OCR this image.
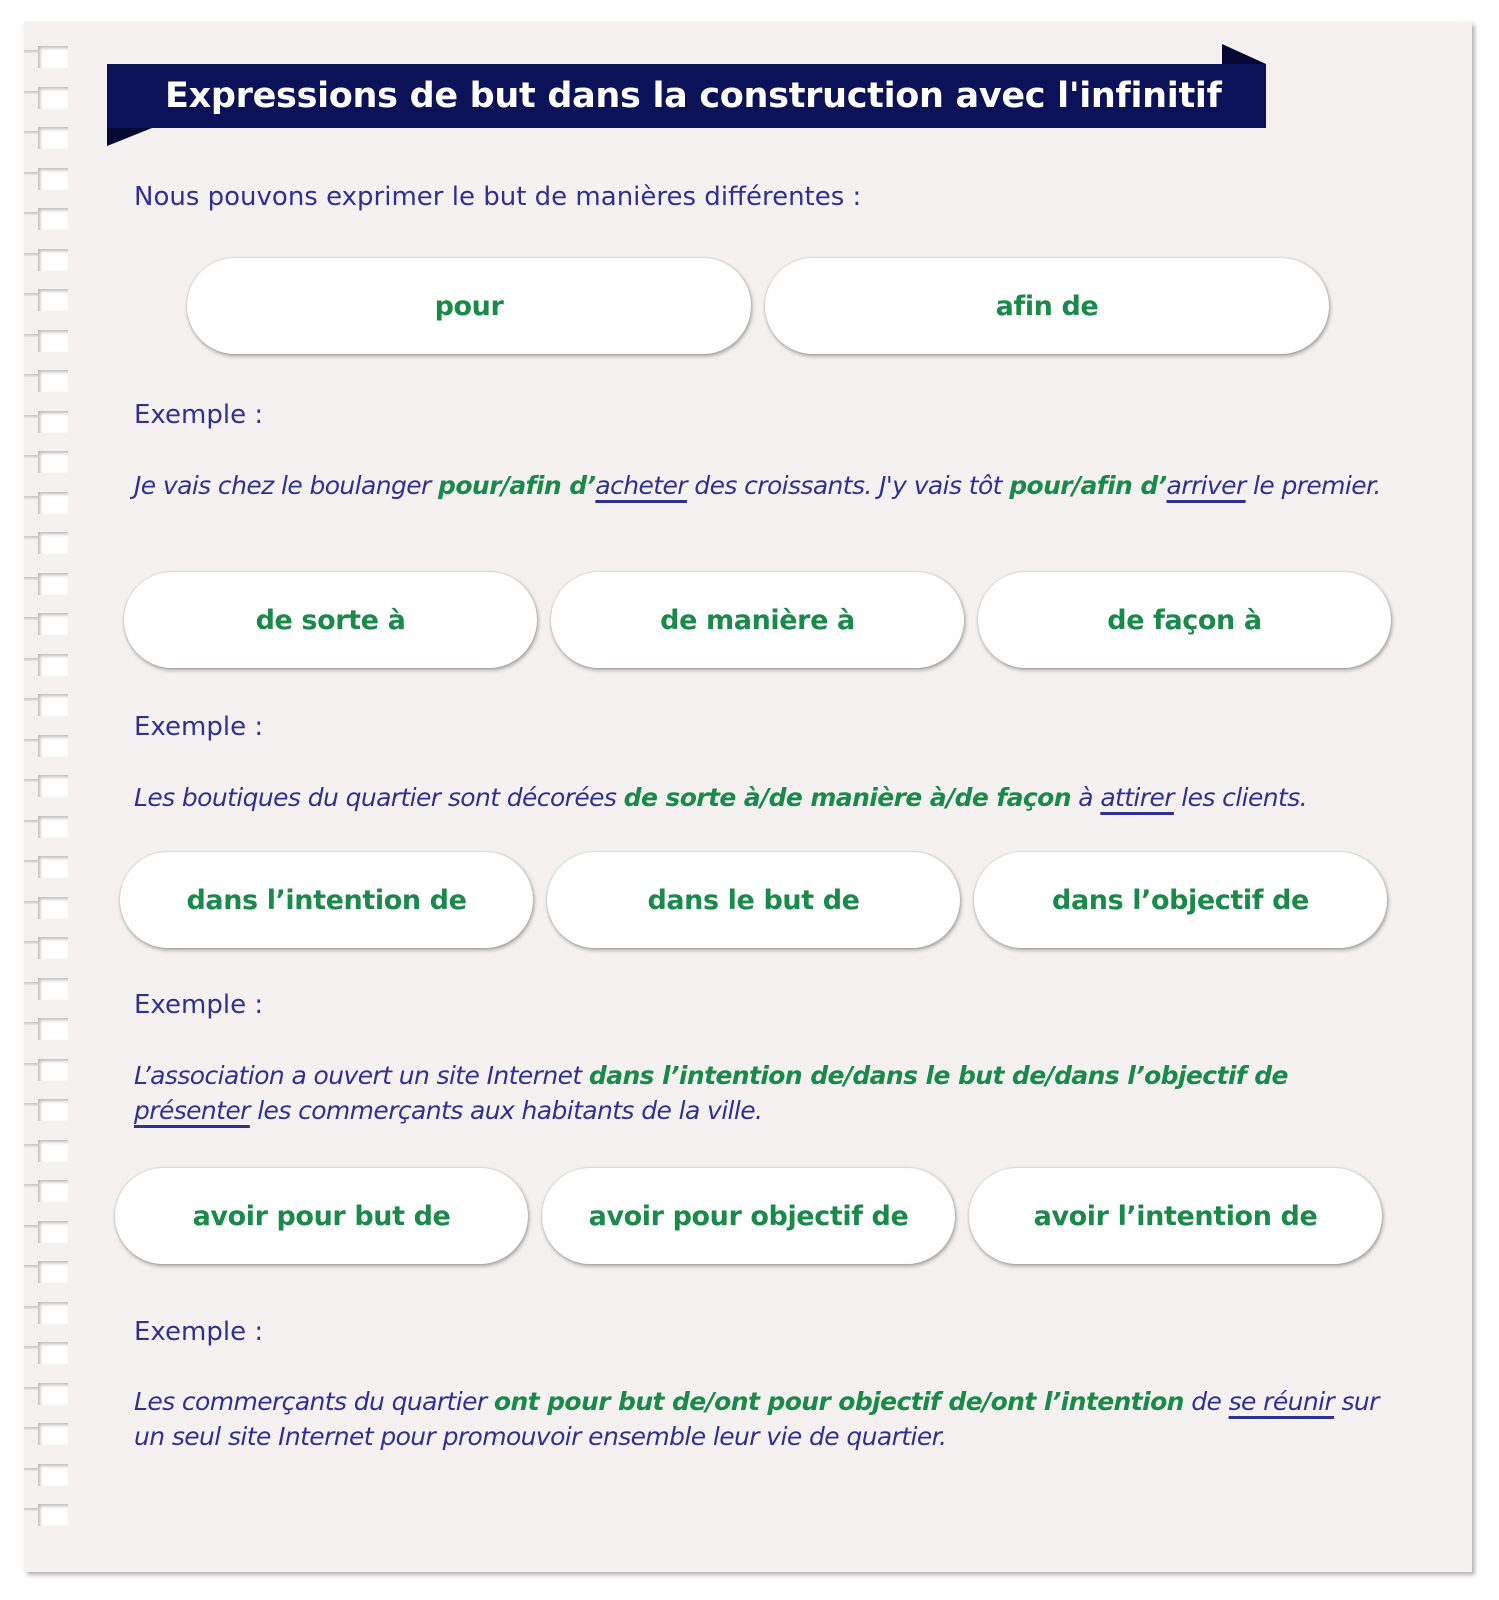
Expressions de but dans la construction avec l'infinitif
Nous pouvons exprimer le but de manières différentes :
pour	afin de
Exemple :
Je vais chez le boulanger pour/afin d’acheter des croissants. J'y vais tôt pour/afin d’arriver le premier.
de sorte à	de manière à	de façon à
Exemple :
Les boutiques du quartier sont décorées de sorte à/de manière à/de façon à attirer les clients.
dans l’intention de	dans le but de	dans l’objectif de
Exemple :
L’association a ouvert un site Internet dans l’intention de/dans le but de/dans l’objectif de présenter les commerçants aux habitants de la ville.
avoir pour but de	avoir pour objectif de	avoir l’intention de
Exemple :
Les commerçants du quartier ont pour but de/ont pour objectif de/ont l’intention de se réunir sur un seul site Internet pour promouvoir ensemble leur vie de quartier.
